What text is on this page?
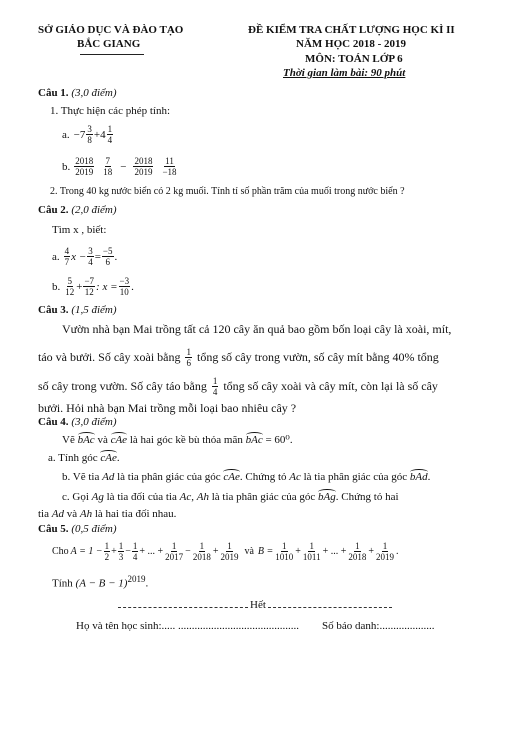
SỞ GIÁO DỤC VÀ ĐÀO TẠO
BẮC GIANG
ĐỀ KIỂM TRA CHẤT LƯỢNG HỌC KÌ II
NĂM HỌC 2018 - 2019
MÔN: TOÁN LỚP 6
Thời gian làm bài: 90 phút
Câu 1. (3,0 điểm)
1. Thực hiện các phép tính:
a. $-7 \frac{3}{8} +4 \frac{1}{4}$
b. $\frac{2018}{2019} \frac{7}{18} - \frac{2018}{2019} \frac{11}{-18}$
2. Trong 40 kg nước biển có 2 kg muối. Tính tỉ số phần trăm của muối trong nước biển ?
Câu 2. (2,0 điểm)
Tìm x , biết:
a. $\frac{4}{7}$ $x - \frac{3}{4} = \frac{-5}{6}$ .
b. $\frac{5}{12} + \frac{-7}{12}$ : $x = \frac{-3}{10}$ .
Câu 3. (1,5 điểm)
Vườn nhà bạn Mai trồng tất cả 120 cây ăn quả bao gồm bốn loại cây là xoài, mít,
táo và bưởi. Số cây xoài bằng $\frac{1}{6}$ tổng số cây trong vườn, số cây mít bằng 40% tổng
số cây trong vườn. Số cây táo bằng $\frac{1}{4}$ tổng số cây xoài và cây mít, còn lại là số cây
bưởi. Hỏi nhà bạn Mai trồng mỗi loại bao nhiêu cây ?
Câu 4. (3,0 điểm)
Vẽ bAc và cAe là hai góc kề bù thỏa mãn bAc = 60⁰.
a. Tính góc cAe.
b. Vẽ tia Ad là tia phân giác của góc cAe. Chứng tỏ Ac là tia phân giác của góc bAd.
c. Gọi Ag là tia đối của tia Ac, Ah là tia phân giác của góc bAg. Chứng tỏ hai
tia Ad và Ah là hai tia đối nhau.
Câu 5. (0,5 điểm)
Cho $A = 1 - \frac{1}{2} + \frac{1}{3} - \frac{1}{4}$ + ... + $\frac{1}{2017} - \frac{1}{2018} + \frac{1}{2019}$ và $B = \frac{1}{1010} + \frac{1}{1011}$ + ... + $\frac{1}{2018} + \frac{1}{2019}$ .
Tính $(A - B - 1)^{2019}$.
Hết
Họ và tên học sinh:..... ............................................ Số báo danh:....................
